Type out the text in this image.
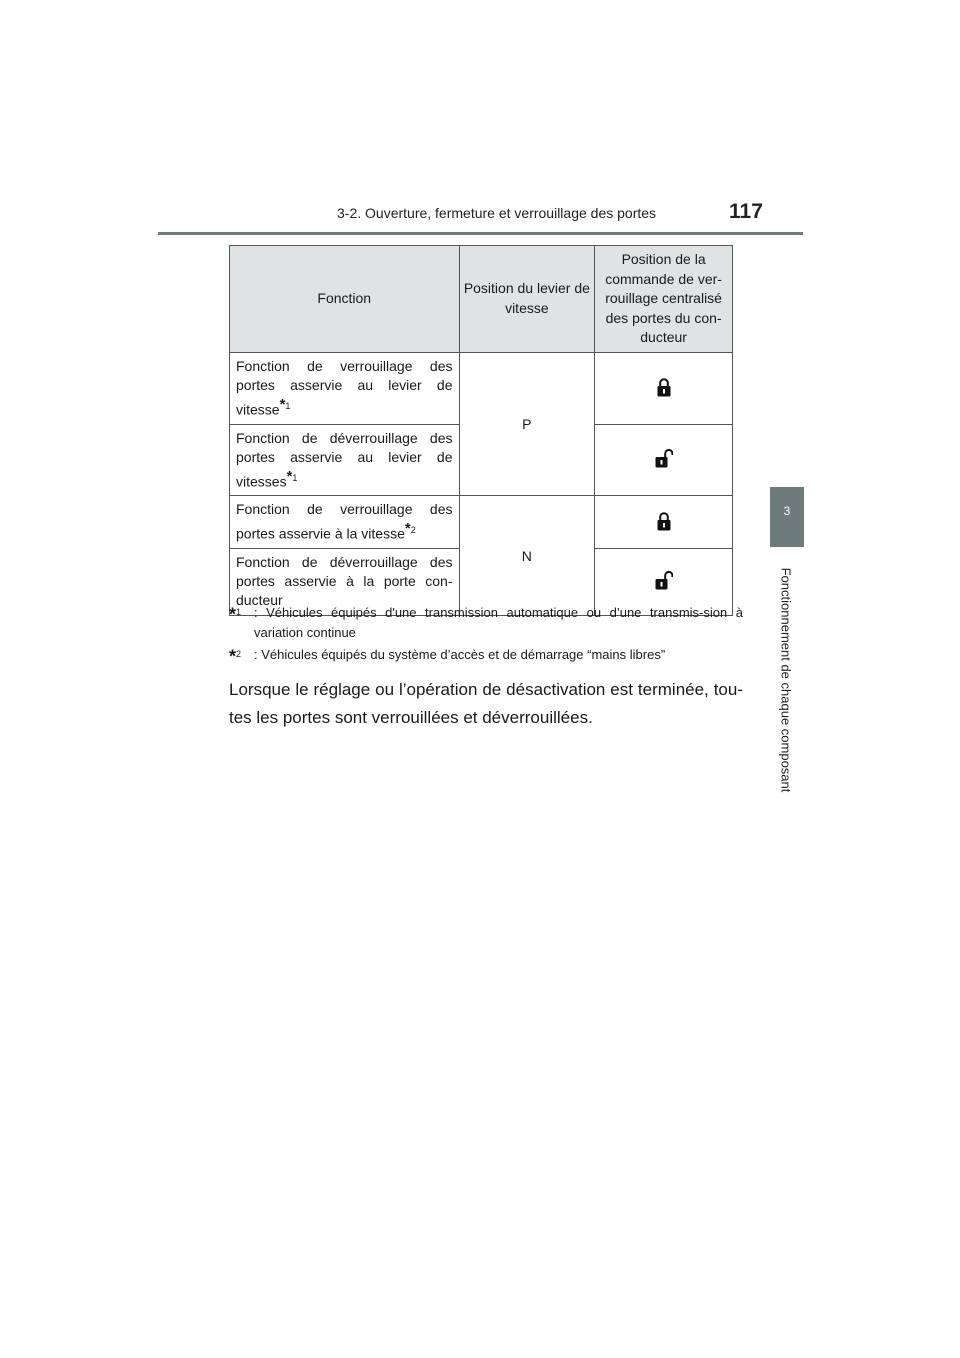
3-2. Ouverture, fermeture et verrouillage des portes	117
3
Fonctionnement de chaque composant
Fonction	Position du levier de vitesse	Position de la commande de ver-rouillage centralisé des portes du con-ducteur
Fonction de verrouillage des portes asservie au levier de vitesse$^{*1}$	P	
Fonction de déverrouillage des portes asservie au levier de vitesses$^{*1}$	
Fonction de verrouillage des portes asservie à la vitesse$^{*2}$	N	
Fonction de déverrouillage des portes asservie à la porte con-ducteur	
*$^1$ : Véhicules équipés d'une transmission automatique ou d’une transmis-sion à variation continue
*$^2$ : Véhicules équipés du système d’accès et de démarrage “mains libres”
Lorsque le réglage ou l’opération de désactivation est terminée, tou-tes les portes sont verrouillées et déverrouillées.
